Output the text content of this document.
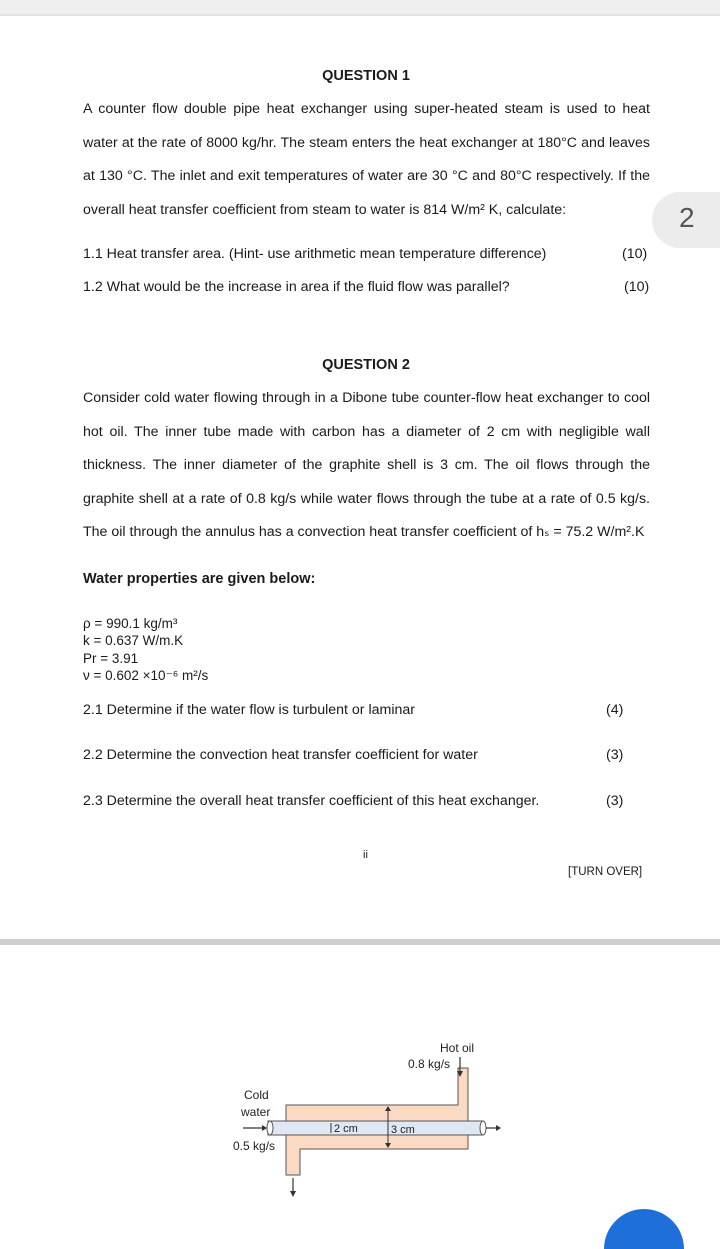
2
QUESTION 1
A counter flow double pipe heat exchanger using super-heated steam is used to heat
water at the rate of 8000 kg/hr. The steam enters the heat exchanger at 180°C and leaves
at 130 °C. The inlet and exit temperatures of water are 30 °C and 80°C respectively. If the
overall heat transfer coefficient from steam to water is 814 W/m² K, calculate:
1.1 Heat transfer area. (Hint- use arithmetic mean temperature difference)	(10)
1.2 What would be the increase in area if the fluid flow was parallel?	(10)
QUESTION 2
Consider cold water flowing through in a Dibone tube counter-flow heat exchanger to cool
hot oil. The inner tube made with carbon has a diameter of 2 cm with negligible wall
thickness. The inner diameter of the graphite shell is 3 cm. The oil flows through the
graphite shell at a rate of 0.8 kg/s while water flows through the tube at a rate of 0.5 kg/s.
The oil through the annulus has a convection heat transfer coefficient of hₛ = 75.2 W/m².K
Water properties are given below:
ρ = 990.1 kg/m³
k = 0.637 W/m.K
Pr = 3.91
ν = 0.602 ×10⁻⁶ m²/s
2.1 Determine if the water flow is turbulent or laminar	(4)
2.2 Determine the convection heat transfer coefficient for water	(3)
2.3 Determine the overall heat transfer coefficient of this heat exchanger.	(3)
ii
[TURN OVER]
Hot oil
0.8 kg/s
Cold
water
0.5 kg/s
2 cm	3 cm
